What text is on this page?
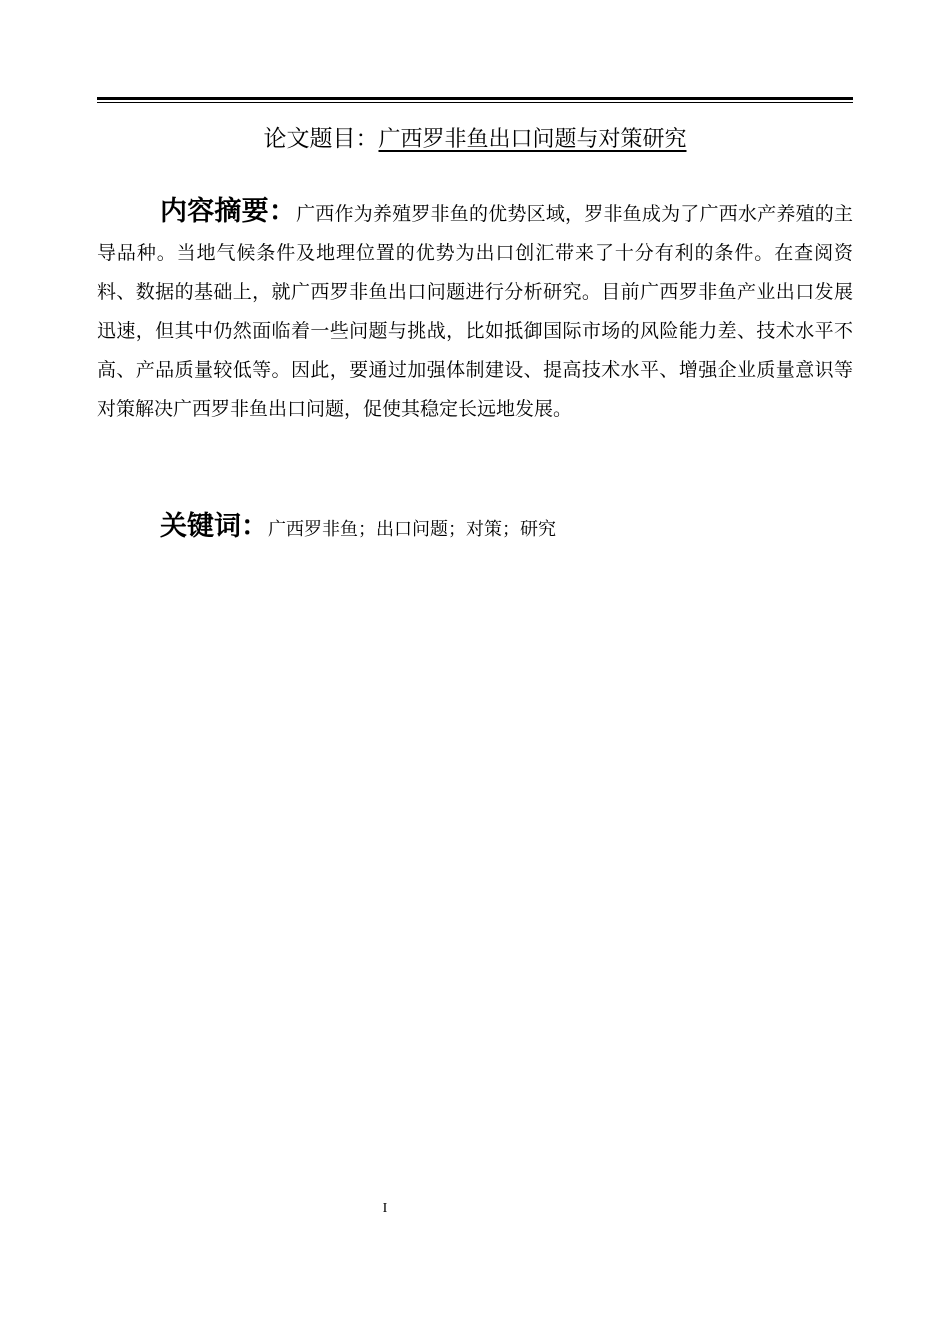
论文题目：广西罗非鱼出口问题与对策研究

内容摘要：广西作为养殖罗非鱼的优势区域，罗非鱼成为了广西水产养殖的主导品种。当地气候条件及地理位置的优势为出口创汇带来了十分有利的条件。在查阅资料、数据的基础上，就广西罗非鱼出口问题进行分析研究。目前广西罗非鱼产业出口发展迅速，但其中仍然面临着一些问题与挑战，比如抵御国际市场的风险能力差、技术水平不高、产品质量较低等。因此，要通过加强体制建设、提高技术水平、增强企业质量意识等对策解决广西罗非鱼出口问题，促使其稳定长远地发展。

关键词：广西罗非鱼；出口问题；对策；研究

I
